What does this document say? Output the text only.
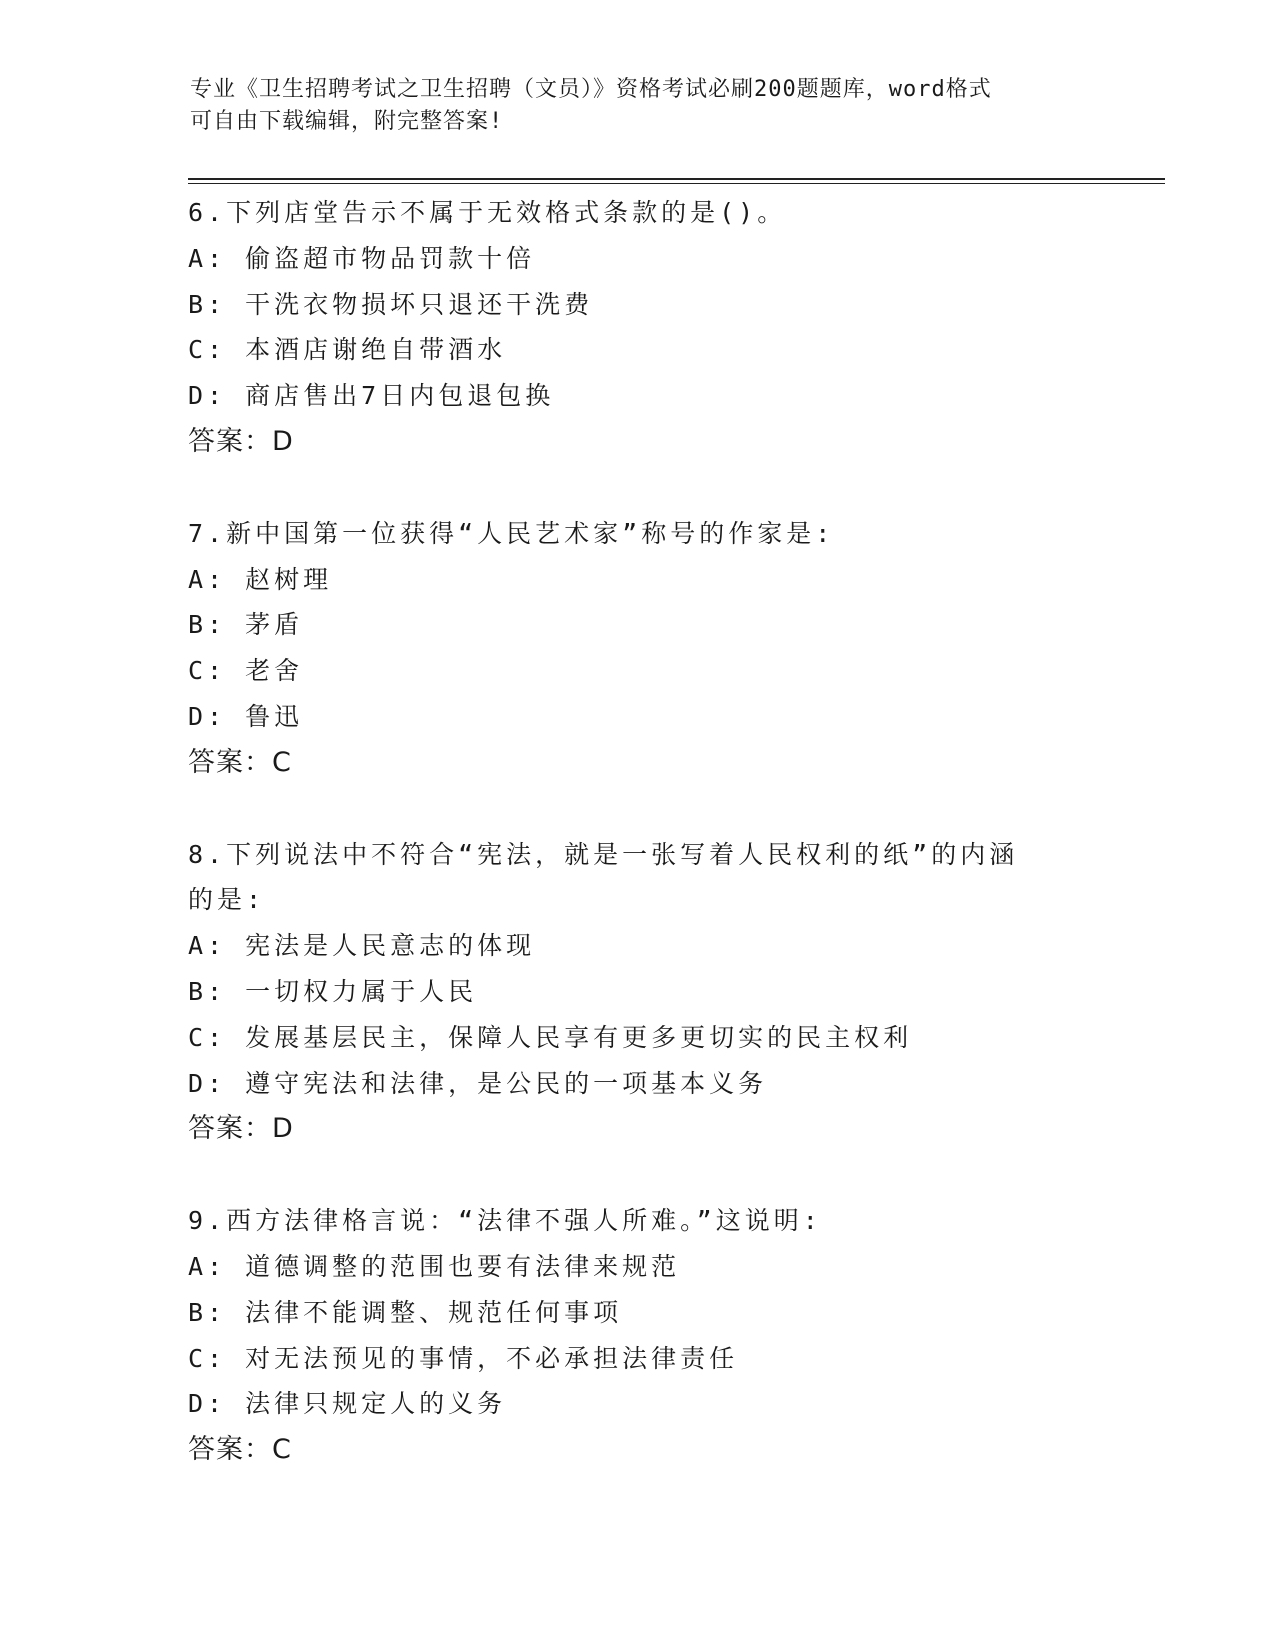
专业《卫生招聘考试之卫生招聘（文员）》资格考试必刷200题题库，word格式
可自由下载编辑，附完整答案!
6.下列店堂告示不属于无效格式条款的是()。
A: 偷盗超市物品罚款十倍
B: 干洗衣物损坏只退还干洗费
C: 本酒店谢绝自带酒水
D: 商店售出7日内包退包换
答案：D
7.新中国第一位获得“人民艺术家”称号的作家是:
A: 赵树理
B: 茅盾
C: 老舍
D: 鲁迅
答案：C
8.下列说法中不符合“宪法，就是一张写着人民权利的纸”的内涵的是:
A: 宪法是人民意志的体现
B: 一切权力属于人民
C: 发展基层民主，保障人民享有更多更切实的民主权利
D: 遵守宪法和法律，是公民的一项基本义务
答案：D
9.西方法律格言说：“法律不强人所难。”这说明:
A: 道德调整的范围也要有法律来规范
B: 法律不能调整、规范任何事项
C: 对无法预见的事情，不必承担法律责任
D: 法律只规定人的义务
答案：C
